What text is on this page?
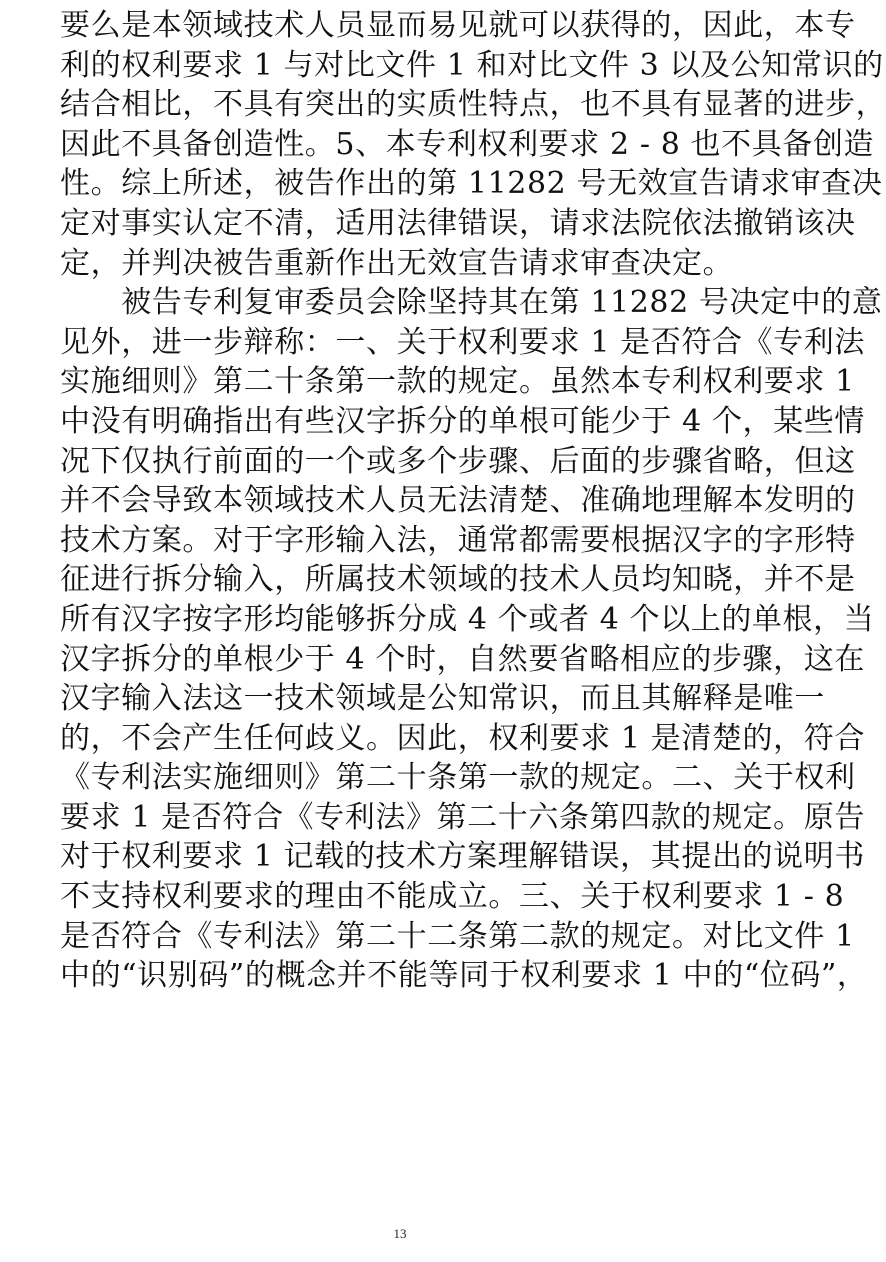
要么是本领域技术人员显而易见就可以获得的，因此，本专
利的权利要求 1 与对比文件 1 和对比文件 3 以及公知常识的
结合相比，不具有突出的实质性特点，也不具有显著的进步，
因此不具备创造性。5、本专利权利要求 2 - 8 也不具备创造
性。综上所述，被告作出的第 11282 号无效宣告请求审查决
定对事实认定不清，适用法律错误，请求法院依法撤销该决
定，并判决被告重新作出无效宣告请求审查决定。
　　被告专利复审委员会除坚持其在第 11282 号决定中的意
见外，进一步辩称：一、关于权利要求 1 是否符合《专利法
实施细则》第二十条第一款的规定。虽然本专利权利要求 1
中没有明确指出有些汉字拆分的单根可能少于 4 个，某些情
况下仅执行前面的一个或多个步骤、后面的步骤省略，但这
并不会导致本领域技术人员无法清楚、准确地理解本发明的
技术方案。对于字形输入法，通常都需要根据汉字的字形特
征进行拆分输入，所属技术领域的技术人员均知晓，并不是
所有汉字按字形均能够拆分成 4 个或者 4 个以上的单根，当
汉字拆分的单根少于 4 个时，自然要省略相应的步骤，这在
汉字输入法这一技术领域是公知常识，而且其解释是唯一
的，不会产生任何歧义。因此，权利要求 1 是清楚的，符合
《专利法实施细则》第二十条第一款的规定。二、关于权利
要求 1 是否符合《专利法》第二十六条第四款的规定。原告
对于权利要求 1 记载的技术方案理解错误，其提出的说明书
不支持权利要求的理由不能成立。三、关于权利要求 1 - 8
是否符合《专利法》第二十二条第二款的规定。对比文件 1
中的“识别码”的概念并不能等同于权利要求 1 中的“位码”，
13
